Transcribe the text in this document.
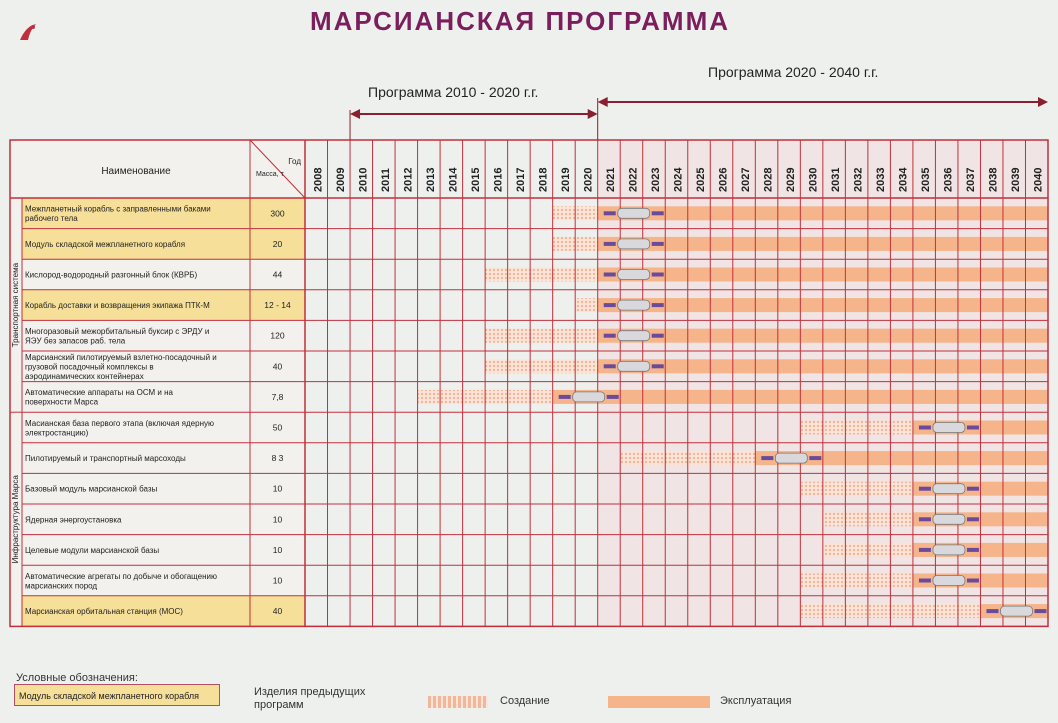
Наименование	Масса, т
Год
2008 2009 2010 2011 2012 2013 2014 2015 2016 2017 2018 2019 2020 2021 2022 2023 2024 2025 2026 2027 2028 2029 2030 2031 2032 2033 2034 2035 2036 2037 2038 2039 2040
Транспортная система
Инфраструктура Марса
Межпланетный корабль с заправленными баками рабочего тела
300
Модуль складской межпланетного корабля	20
Кислород-водородный разгонный блок (КВРБ)	44
Корабль доставки и возвращения экипажа ПТК-М	12 - 14
Многоразовый межорбитальный буксир с ЭРДУ и ЯЭУ без запасов раб. тела
120
Марсианский пилотируемый взлетно-посадочный и грузовой посадочный комплексы в аэродинамических контейнерах
40
Автоматические аппараты на ОСМ и на поверхности Марса
7,8
Масианская база первого этапа (включая ядерную электростанцию)
50
Пилотируемый и транспортный марсоходы	8 3
Базовый модуль марсианской базы	10
Ядерная энергоустановка	10
Целевые модули марсианской базы	10
Автоматические агрегаты по добыче и обогащению марсианских пород
10
Марсианская орбитальная станция (МОС)	40
МАРСИАНСКАЯ ПРОГРАММА
Программа 2010 - 2020 г.г.
Программа 2020 - 2040 г.г.
Условные обозначения:
Модуль складской межпланетного корабля	Изделия предыдущих программ	Создание	Эксплуатация
